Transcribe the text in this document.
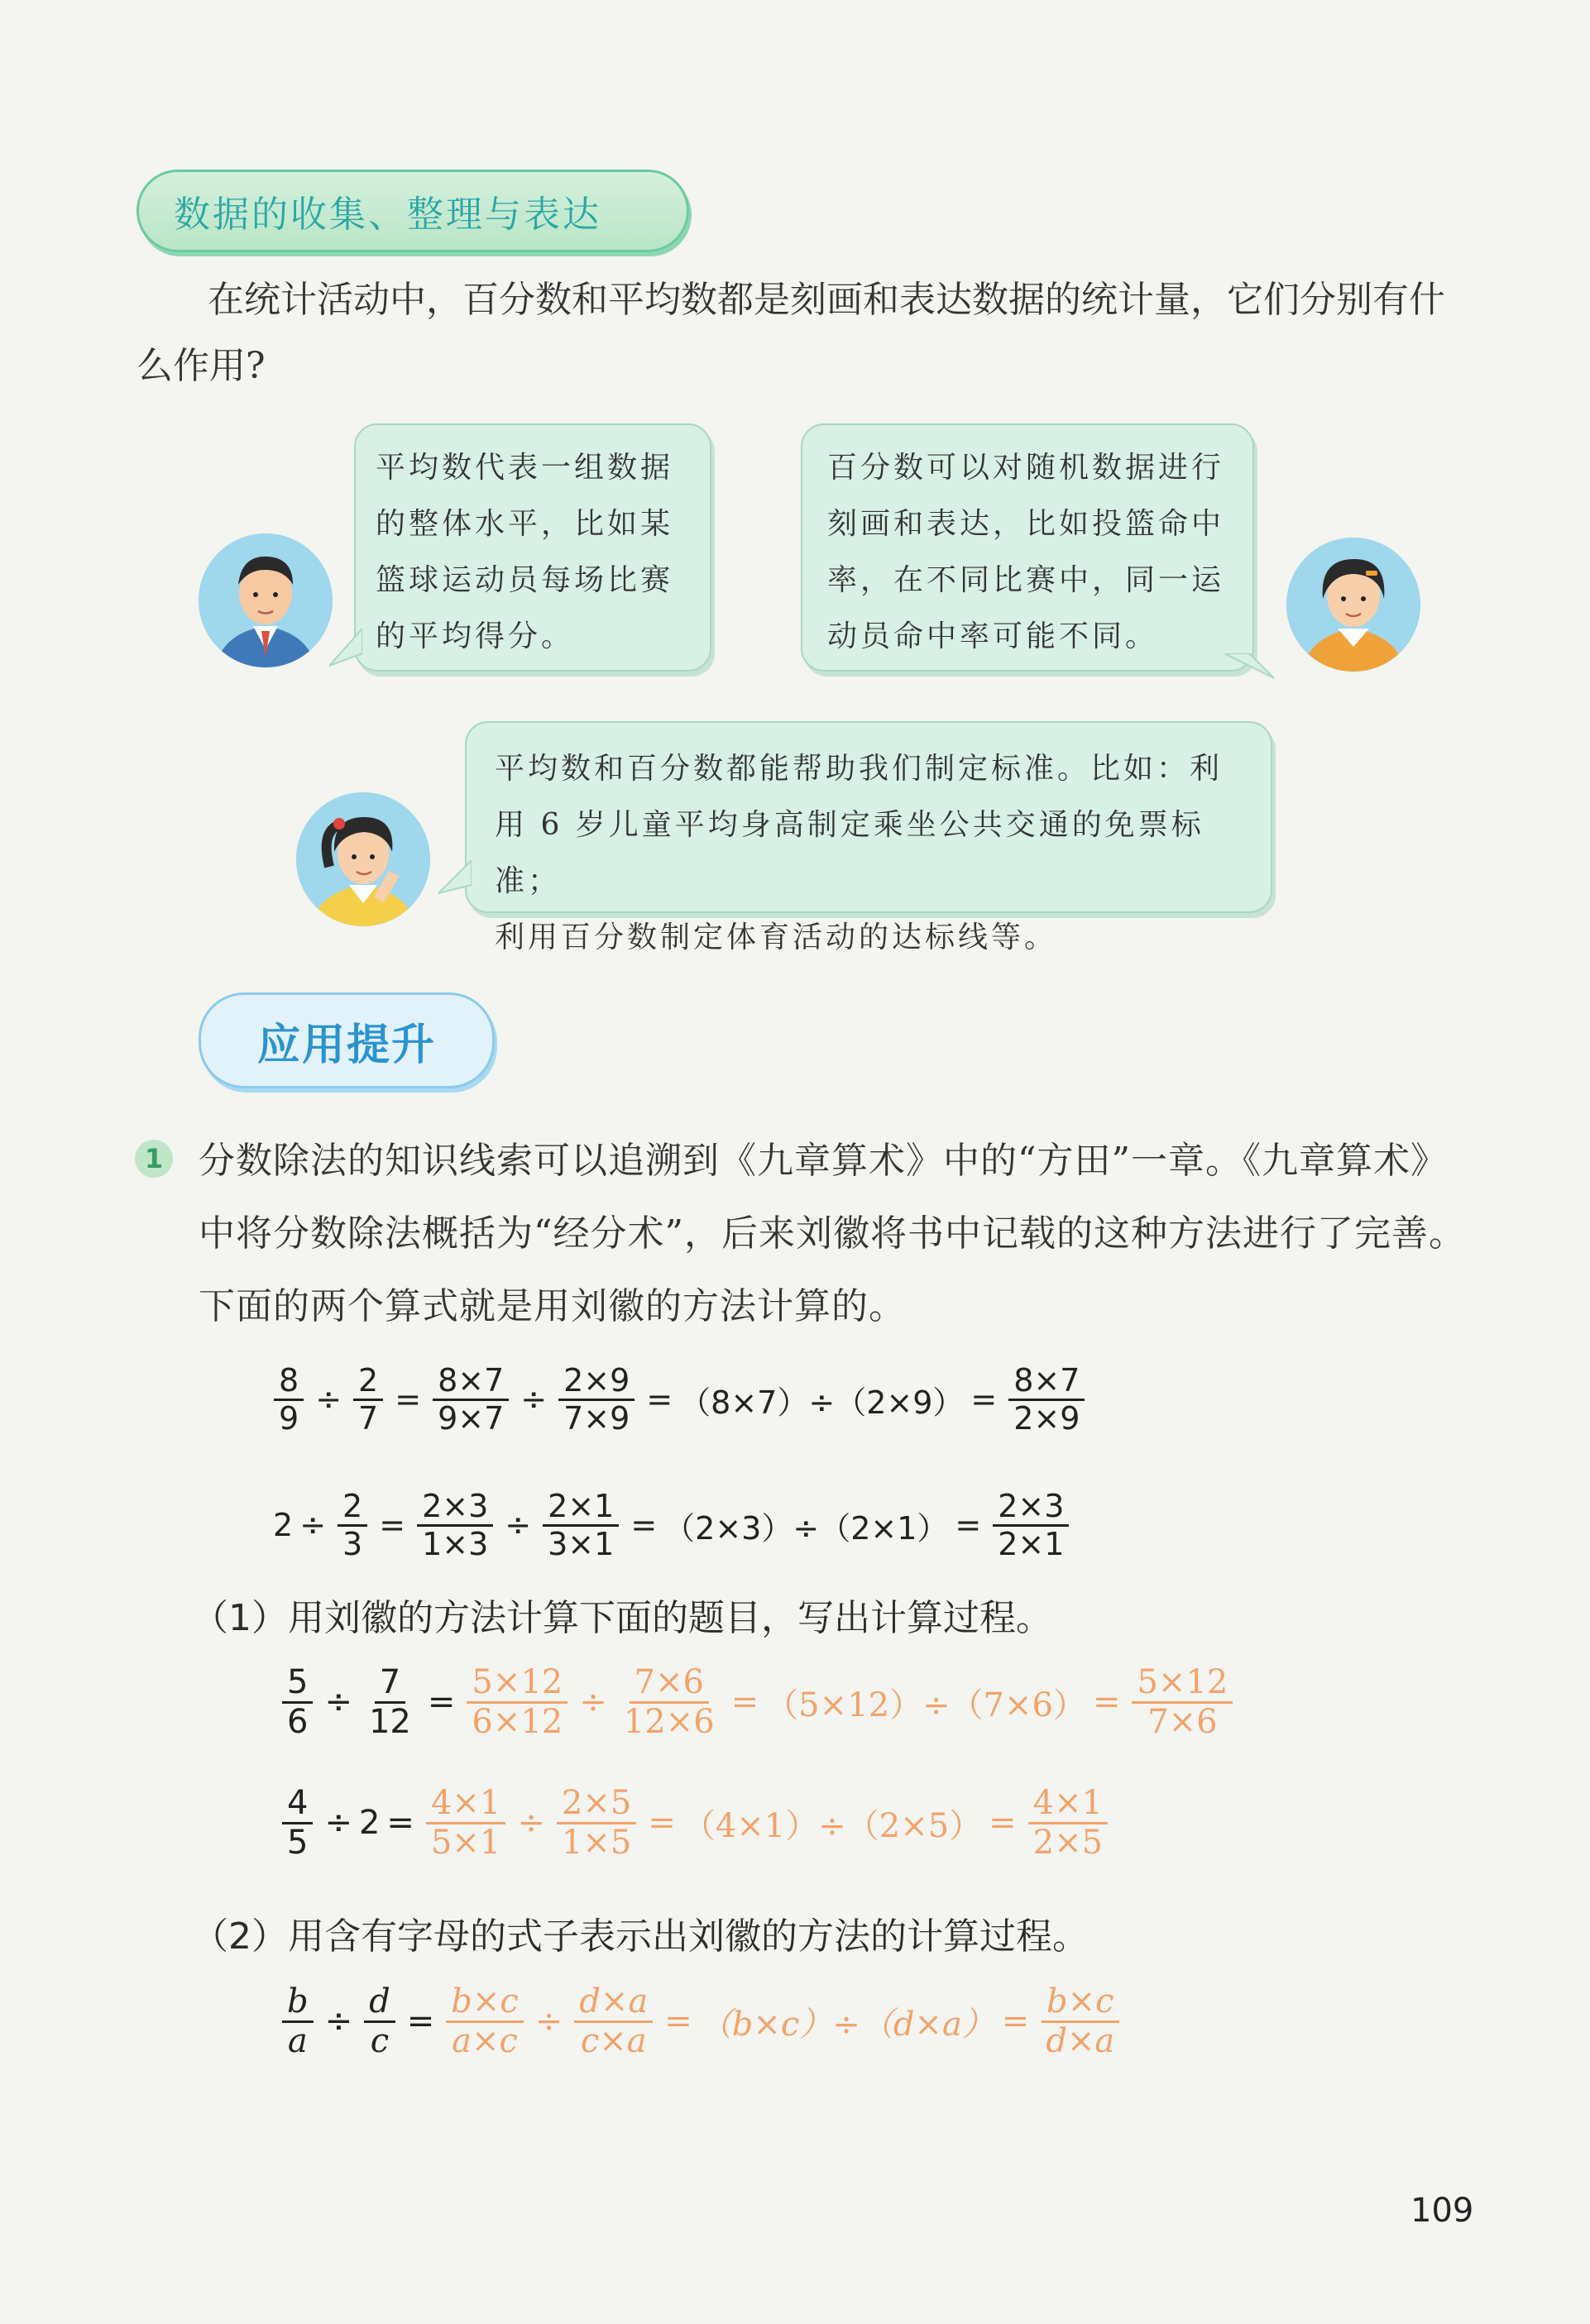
数据的收集、整理与表达
在统计活动中，百分数和平均数都是刻画和表达数据的统计量，它们分别有什么作用?
平均数代表一组数据
的整体水平，比如某
篮球运动员每场比赛
的平均得分。
百分数可以对随机数据进行
刻画和表达，比如投篮命中
率，在不同比赛中，同一运
动员命中率可能不同。
平均数和百分数都能帮助我们制定标准。比如：利
用 6 岁儿童平均身高制定乘坐公共交通的免票标准；
利用百分数制定体育活动的达标线等。
应用提升
1 分数除法的知识线索可以追溯到《九章算术》中的“方田”一章。《九章算术》中将分数除法概括为“经分术”，后来刘徽将书中记载的这种方法进行了完善。下面的两个算式就是用刘徽的方法计算的。
$\frac{8}{9} \div \frac{2}{7} = \frac{8\times 7}{9\times 7} \div \frac{2\times 9}{7\times 9} = (8\times 7)\div(2\times 9) = \frac{8\times 7}{2\times 9}$
$2 \div \frac{2}{3} = \frac{2\times 3}{1\times 3} \div \frac{2\times 1}{3\times 1} = (2\times 3)\div(2\times 1) = \frac{2\times 3}{2\times 1}$
（1）用刘徽的方法计算下面的题目，写出计算过程。
$\frac{5}{6} \div \frac{7}{12} = \frac{5\times 12}{6\times 12} \div \frac{7\times 6}{12\times 6} = (5\times 12)\div(7\times 6) = \frac{5\times 12}{7\times 6}$
$\frac{4}{5} \div 2 = \frac{4\times 1}{5\times 1} \div \frac{2\times 5}{1\times 5} = (4\times 1)\div(2\times 5) = \frac{4\times 1}{2\times 5}$
（2）用含有字母的式子表示出刘徽的方法的计算过程。
$\frac{b}{a} \div \frac{d}{c} = \frac{b\times c}{a\times c} \div \frac{d\times a}{c\times a} = (b\times c)\div(d\times a) = \frac{b\times c}{d\times a}$
109
